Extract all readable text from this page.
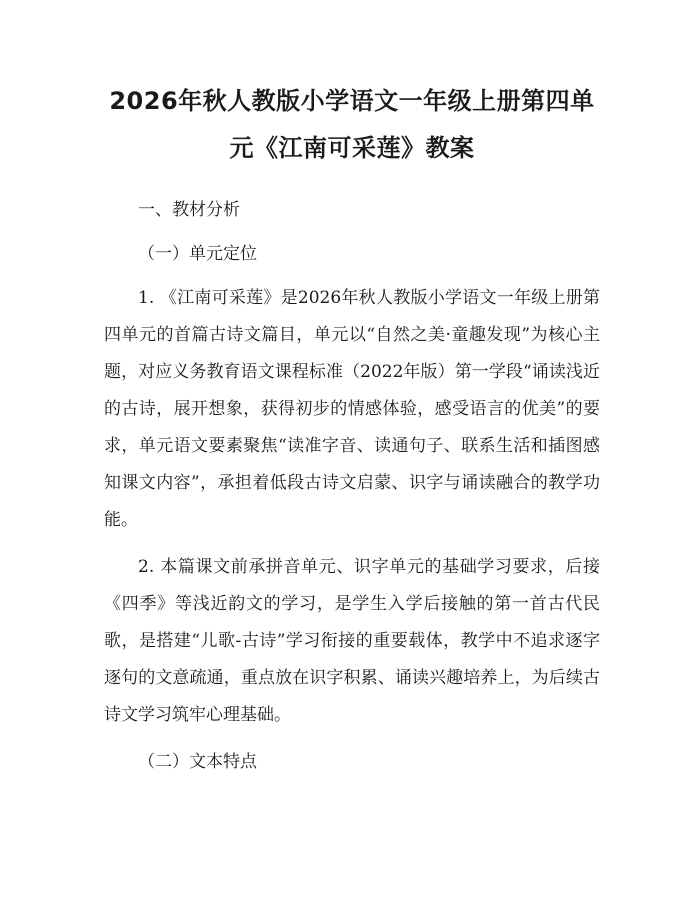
2026年秋人教版小学语文一年级上册第四单
元《江南可采莲》教案

一、教材分析

（一）单元定位

1. 《江南可采莲》是2026年秋人教版小学语文一年级上册第四单元的首篇古诗文篇目，单元以“自然之美·童趣发现”为核心主题，对应义务教育语文课程标准（2022年版）第一学段“诵读浅近的古诗，展开想象，获得初步的情感体验，感受语言的优美”的要求，单元语文要素聚焦“读准字音、读通句子、联系生活和插图感知课文内容”，承担着低段古诗文启蒙、识字与诵读融合的教学功能。

2. 本篇课文前承拼音单元、识字单元的基础学习要求，后接《四季》等浅近韵文的学习，是学生入学后接触的第一首古代民歌，是搭建“儿歌-古诗”学习衔接的重要载体，教学中不追求逐字逐句的文意疏通，重点放在识字积累、诵读兴趣培养上，为后续古诗文学习筑牢心理基础。

（二）文本特点
